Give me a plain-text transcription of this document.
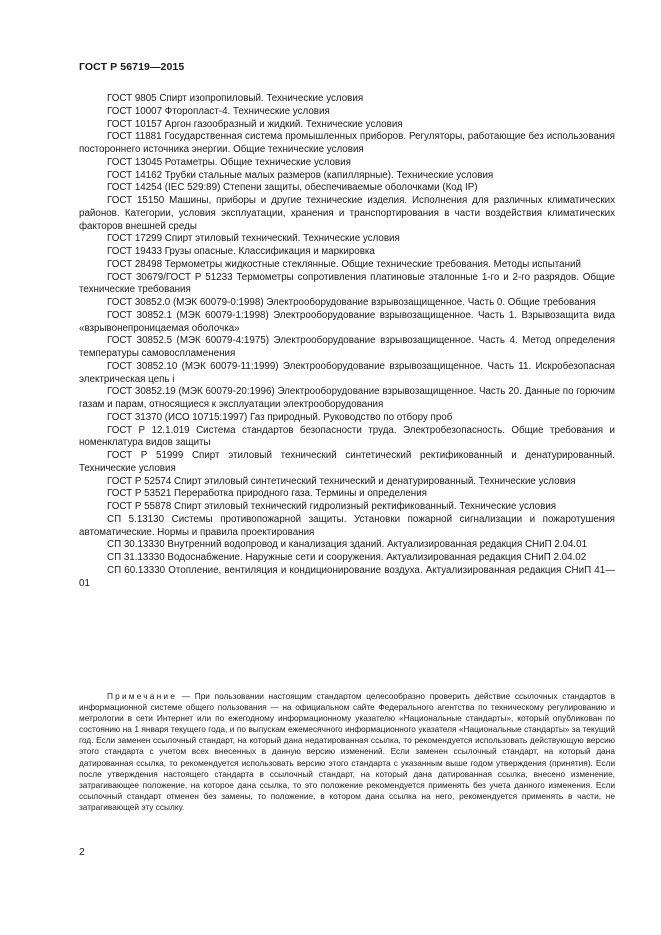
ГОСТ Р 56719—2015

ГОСТ 9805 Спирт изопропиловый. Технические условия

ГОСТ 10007 Фторопласт-4. Технические условия

ГОСТ 10157 Аргон газообразный и жидкий. Технические условия

ГОСТ 11881 Государственная система промышленных приборов. Регуляторы, работающие без использования постороннего источника энергии. Общие технические условия

ГОСТ 13045 Ротаметры. Общие технические условия

ГОСТ 14162 Трубки стальные малых размеров (капиллярные). Технические условия

ГОСТ 14254 (IEC 529:89) Степени защиты, обеспечиваемые оболочками (Код IP)

ГОСТ 15150 Машины, приборы и другие технические изделия. Исполнения для различных климатических районов. Категории, условия эксплуатации, хранения и транспортирования в части воздействия климатических факторов внешней среды

ГОСТ 17299 Спирт этиловый технический. Технические условия

ГОСТ 19433 Грузы опасные. Классификация и маркировка

ГОСТ 28498 Термометры жидкостные стеклянные. Общие технические требования. Методы испытаний

ГОСТ 30679/ГОСТ Р 51233 Термометры сопротивления платиновые эталонные 1-го и 2-го разрядов. Общие технические требования

ГОСТ 30852.0 (МЭК 60079-0:1998) Электрооборудование взрывозащищенное. Часть 0. Общие требования

ГОСТ 30852.1 (МЭК 60079-1:1998) Электрооборудование взрывозащищенное. Часть 1. Взрывозащита вида «взрывонепроницаемая оболочка»

ГОСТ 30852.5 (МЭК 60079-4:1975) Электрооборудование взрывозащищенное. Часть 4. Метод определения температуры самовоспламенения

ГОСТ 30852.10 (МЭК 60079-11:1999) Электрооборудование взрывозащищенное. Часть 11. Искробезопасная электрическая цепь i

ГОСТ 30852.19 (МЭК 60079-20:1996) Электрооборудование взрывозащищенное. Часть 20. Данные по горючим газам и парам, относящиеся к эксплуатации электрооборудования

ГОСТ 31370 (ИСО 10715:1997) Газ природный. Руководство по отбору проб

ГОСТ Р 12.1.019 Система стандартов безопасности труда. Электробезопасность. Общие требования и номенклатура видов защиты

ГОСТ Р 51999 Спирт этиловый технический синтетический ректификованный и денатурированный. Технические условия

ГОСТ Р 52574 Спирт этиловый синтетический технический и денатурированный. Технические условия

ГОСТ Р 53521 Переработка природного газа. Термины и определения

ГОСТ Р 55878 Спирт этиловый технический гидролизный ректификованный. Технические условия

СП 5.13130 Системы противопожарной защиты. Установки пожарной сигнализации и пожаротушения автоматические. Нормы и правила проектирования

СП 30.13330 Внутренний водопровод и канализация зданий. Актуализированная редакция СНиП 2.04.01

СП 31.13330 Водоснабжение. Наружные сети и сооружения. Актуализированная редакция СНиП 2.04.02

СП 60.13330 Отопление, вентиляция и кондиционирование воздуха. Актуализированная редакция СНиП 41—01

Примечание — При пользовании настоящим стандартом целесообразно проверить действие ссылочных стандартов в информационной системе общего пользования — на официальном сайте Федерального агентства по техническому регулированию и метрологии в сети Интернет или по ежегодному информационному указателю «Национальные стандарты», который опубликован по состоянию на 1 января текущего года, и по выпускам ежемесячного информационного указателя «Национальные стандарты» за текущий год. Если заменен ссылочный стандарт, на который дана недатированная ссылка, то рекомендуется использовать действующую версию этого стандарта с учетом всех внесенных в данную версию изменений. Если заменен ссылочный стандарт, на который дана датированная ссылка, то рекомендуется использовать версию этого стандарта с указанным выше годом утверждения (принятия). Если после утверждения настоящего стандарта в ссылочный стандарт, на который дана датированная ссылка, внесено изменение, затрагивающее положение, на которое дана ссылка, то это положение рекомендуется применять без учета данного изменения. Если ссылочный стандарт отменен без замены, то положение, в котором дана ссылка на него, рекомендуется применять в части, не затрагивающей эту ссылку.

2
